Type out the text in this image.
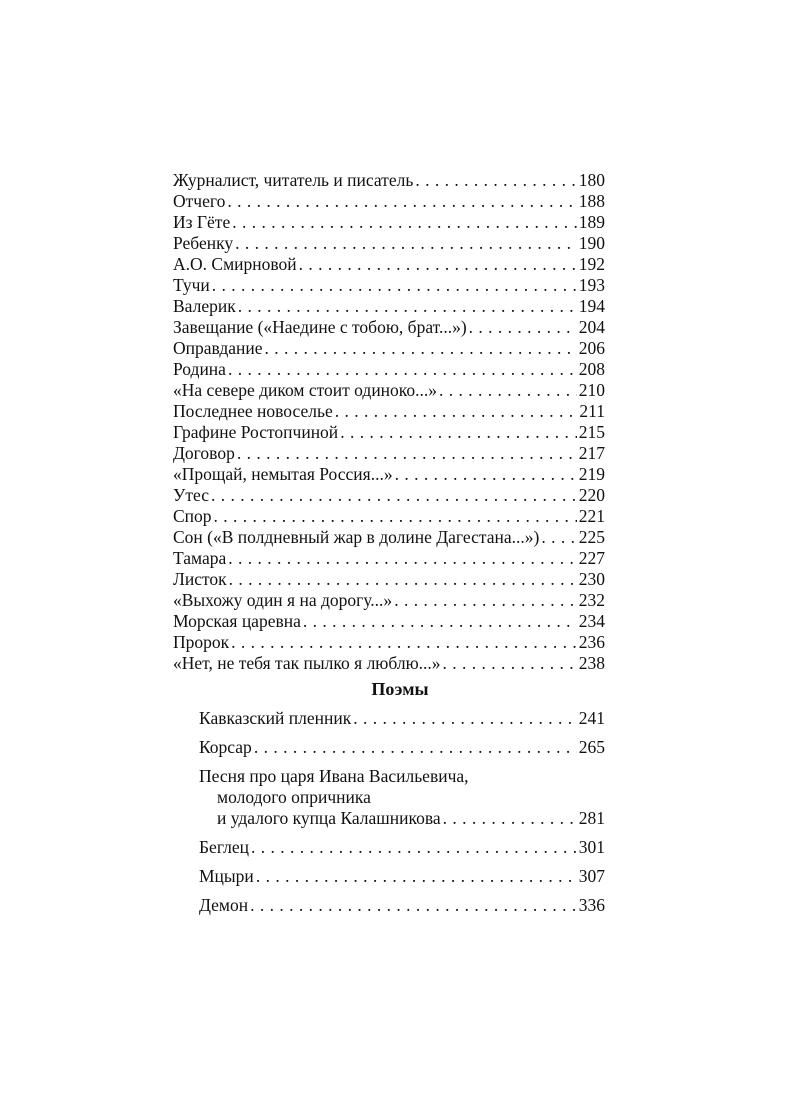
Журналист, читатель и писатель . . .	180
Отчего . . .	188
Из Гёте . . .	189
Ребенку . . .	190
А.О. Смирновой . . .	192
Тучи . . .	193
Валерик . . .	194
Завещание («Наедине с тобою, брат...») . . .	204
Оправдание . . .	206
Родина . . .	208
«На севере диком стоит одиноко...» . . .	210
Последнее новоселье . . .	211
Графине Ростопчиной . . .	215
Договор . . .	217
«Прощай, немытая Россия...» . . .	219
Утес . . .	220
Спор . . .	221
Сон («В полдневный жар в долине Дагестана...») . . . 225
Тамара . . .	227
Листок . . .	230
«Выхожу один я на дорогу...» . . .	232
Морская царевна . . .	234
Пророк . . .	236
«Нет, не тебя так пылко я люблю...» . . .	238
Поэмы
Кавказский пленник . . .	241
Корсар . . .	265
Песня про царя Ивана Васильевича,
молодого опричника
и удалого купца Калашникова . . .	281
Беглец . . .	301
Мцыри . . .	307
Демон . . .	336
